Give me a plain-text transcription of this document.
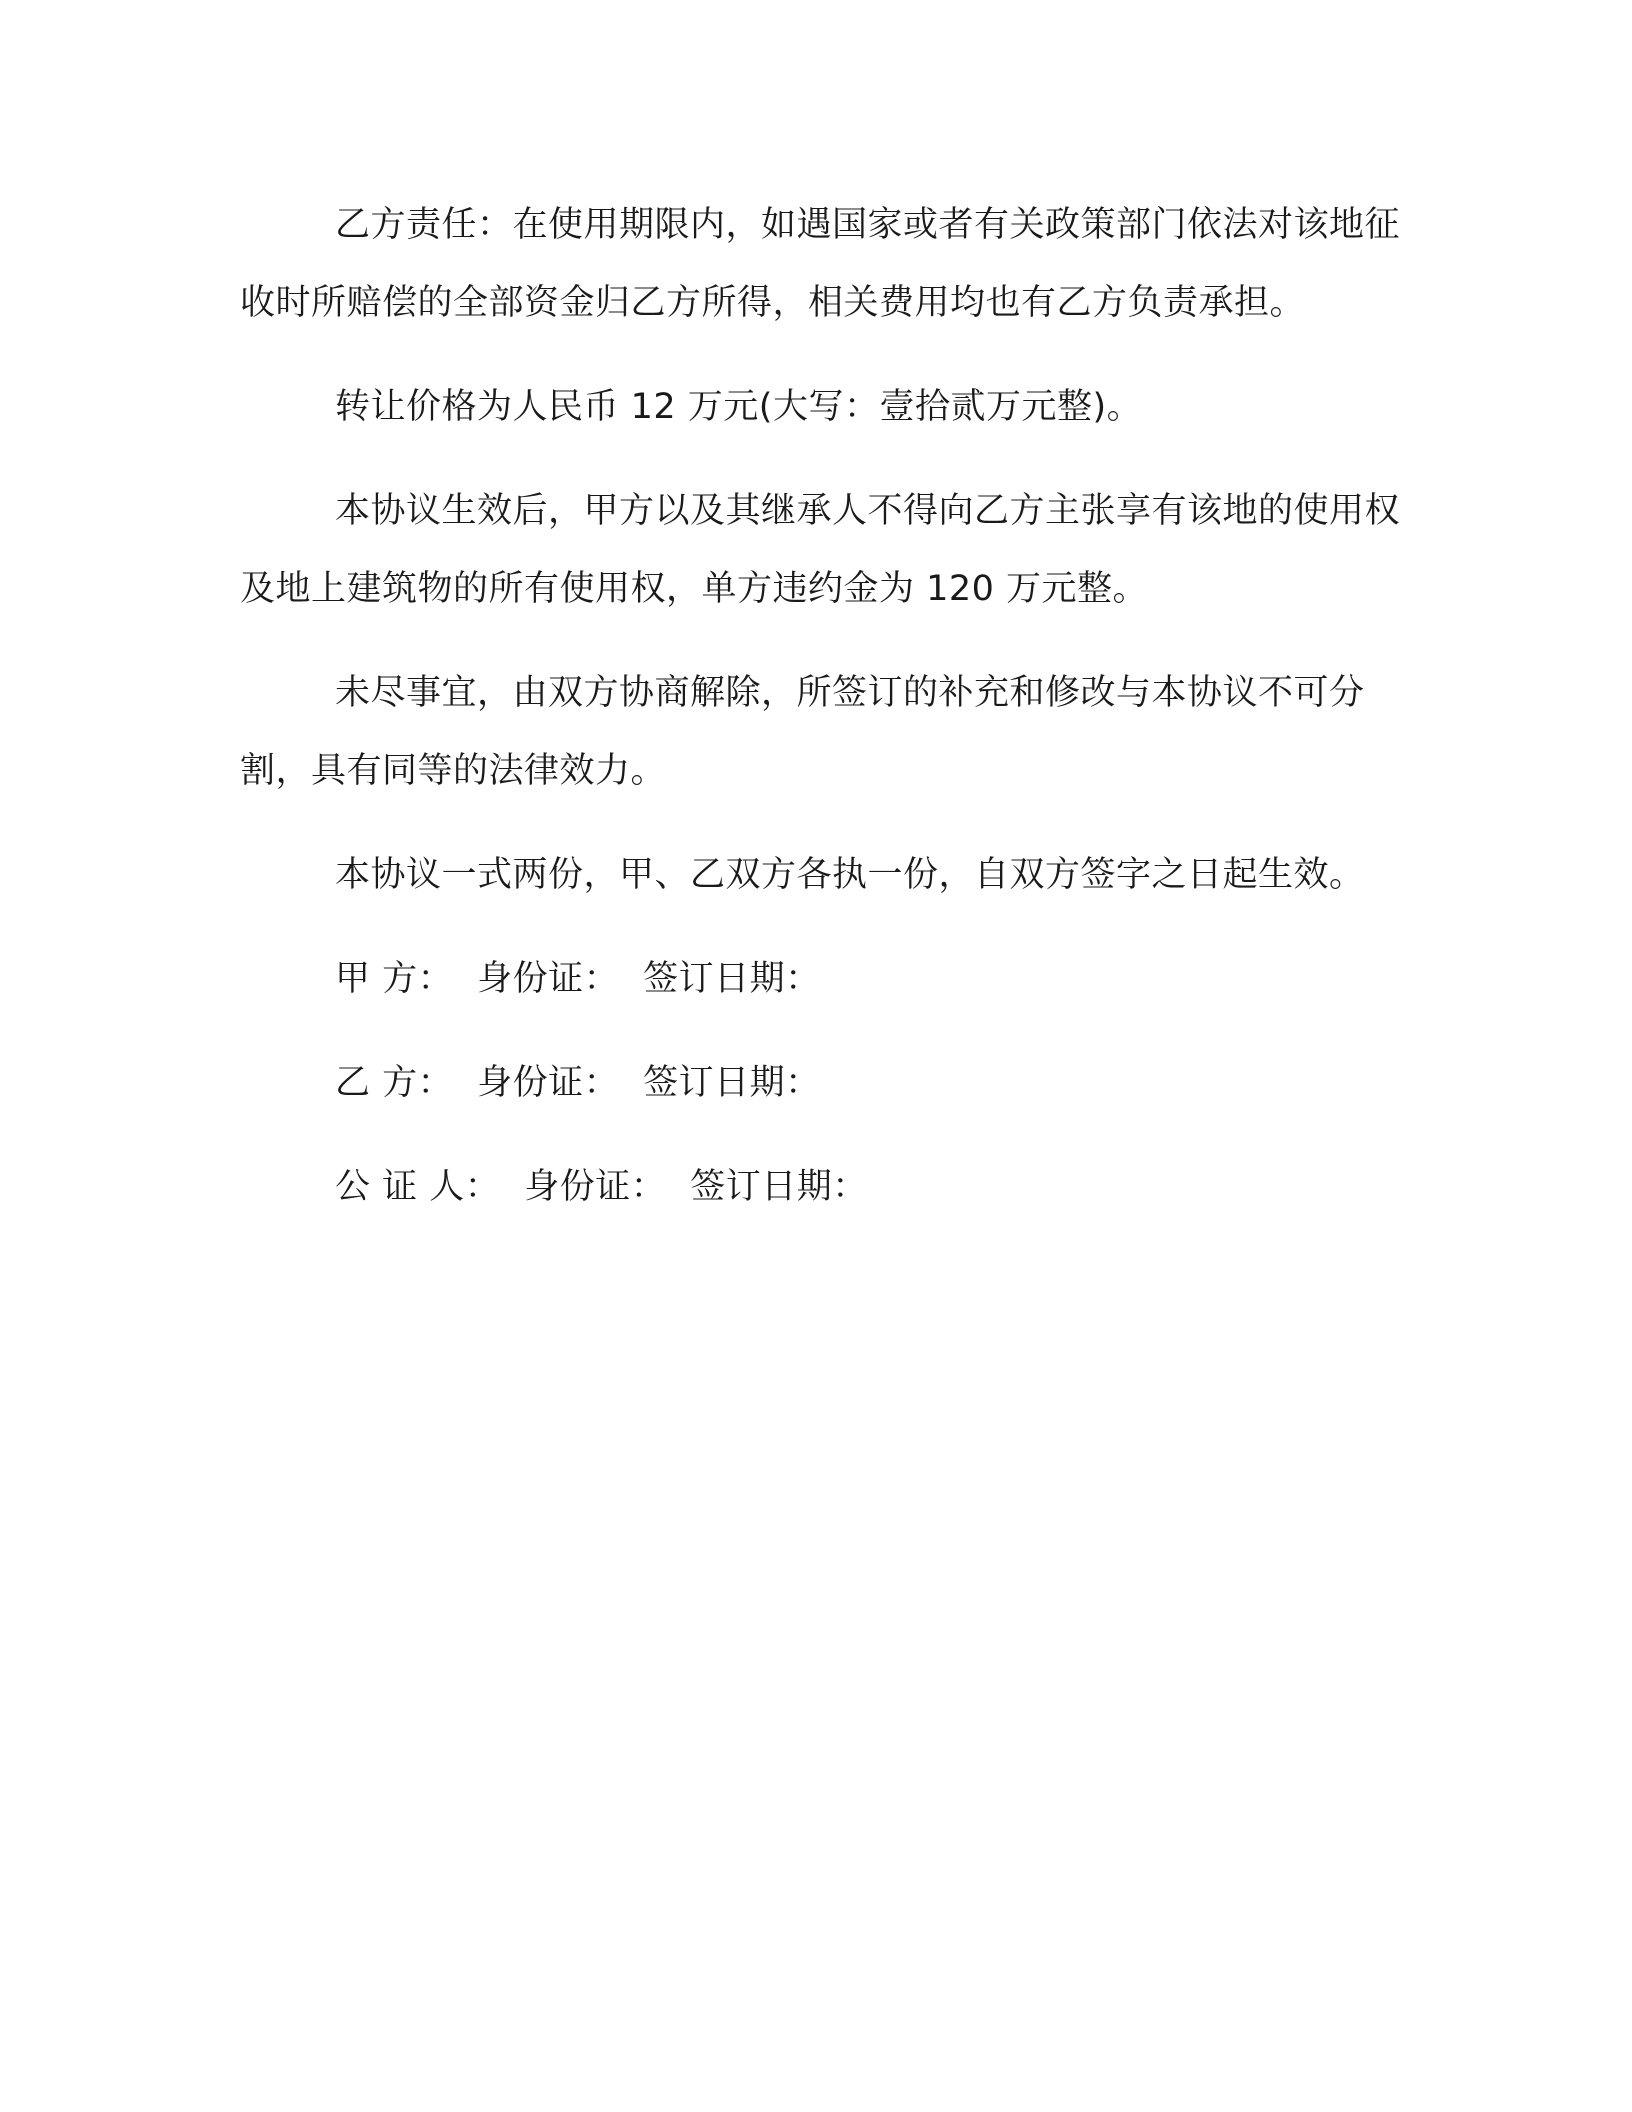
乙方责任：在使用期限内，如遇国家或者有关政策部门依法对该地征收时所赔偿的全部资金归乙方所得，相关费用均也有乙方负责承担。

转让价格为人民币 12 万元(大写：壹拾贰万元整)。

本协议生效后，甲方以及其继承人不得向乙方主张享有该地的使用权及地上建筑物的所有使用权，单方违约金为 120 万元整。

未尽事宜，由双方协商解除，所签订的补充和修改与本协议不可分割，具有同等的法律效力。

本协议一式两份，甲、乙双方各执一份，自双方签字之日起生效。

甲 方： 身份证： 签订日期：
乙 方： 身份证： 签订日期：
公 证 人： 身份证： 签订日期：
